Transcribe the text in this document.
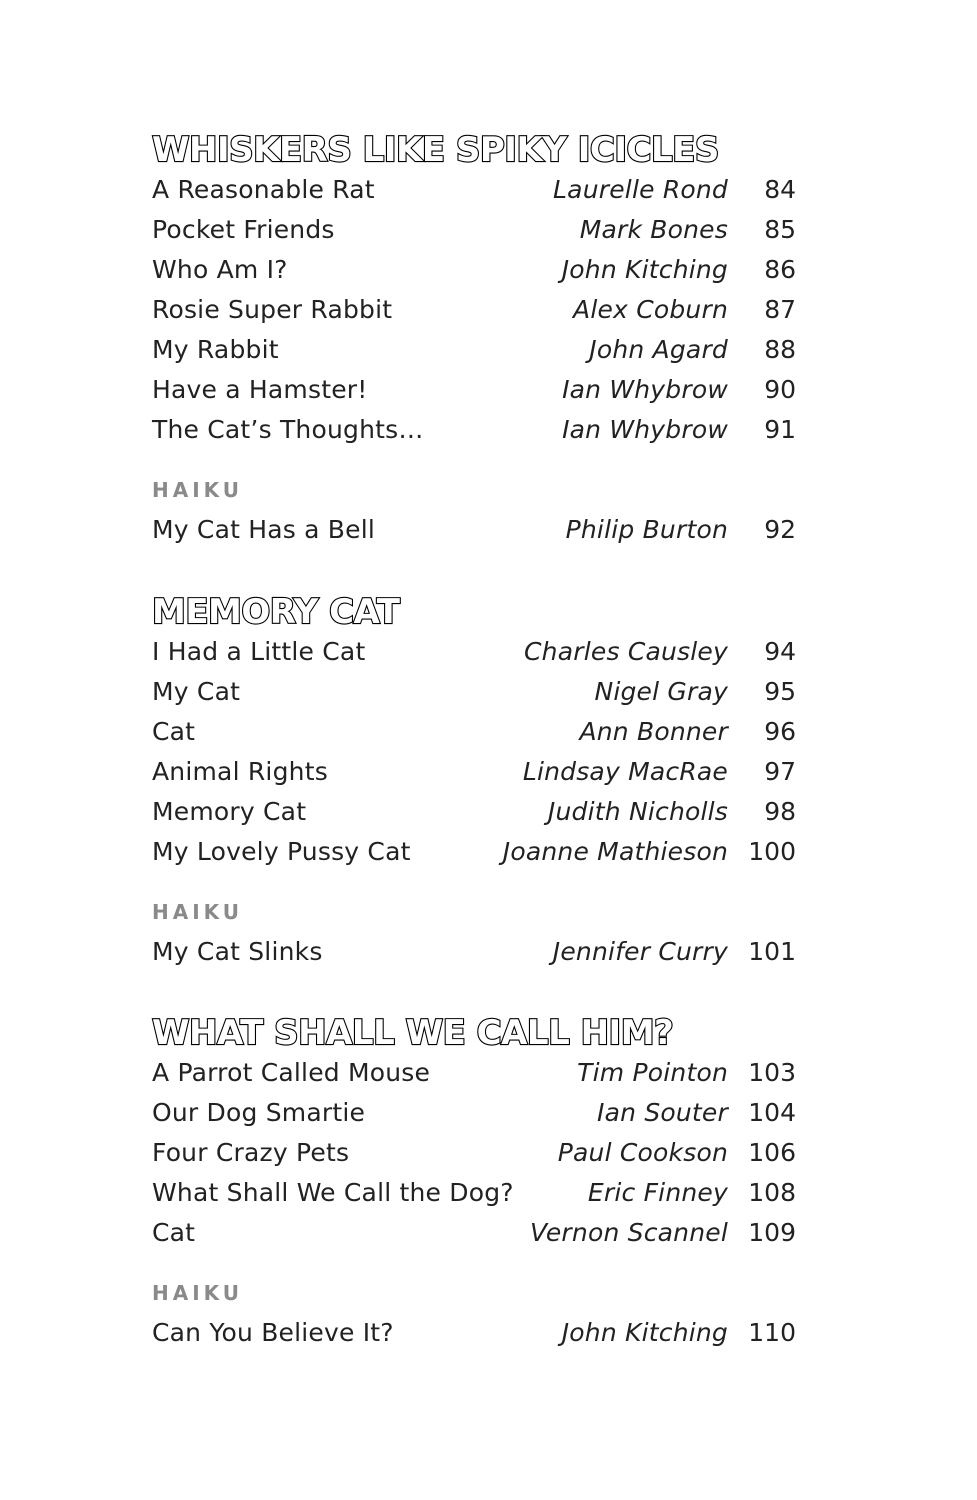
WHISKERS LIKE SPIKY ICICLES
A Reasonable Rat	Laurelle Rond	84
Pocket Friends	Mark Bones	85
Who Am I?	John Kitching	86
Rosie Super Rabbit	Alex Coburn	87
My Rabbit	John Agard	88
Have a Hamster!	Ian Whybrow	90
The Cat’s Thoughts…	Ian Whybrow	91
HAIKU
My Cat Has a Bell	Philip Burton	92
MEMORY CAT
I Had a Little Cat	Charles Causley	94
My Cat	Nigel Gray	95
Cat	Ann Bonner	96
Animal Rights	Lindsay MacRae	97
Memory Cat	Judith Nicholls	98
My Lovely Pussy Cat	Joanne Mathieson 100
HAIKU
My Cat Slinks	Jennifer Curry 101
WHAT SHALL WE CALL HIM?
A Parrot Called Mouse	Tim Pointon 103
Our Dog Smartie	Ian Souter 104
Four Crazy Pets	Paul Cookson 106
What Shall We Call the Dog?	Eric Finney 108
Cat	Vernon Scannel 109
HAIKU
Can You Believe It?	John Kitching 110
